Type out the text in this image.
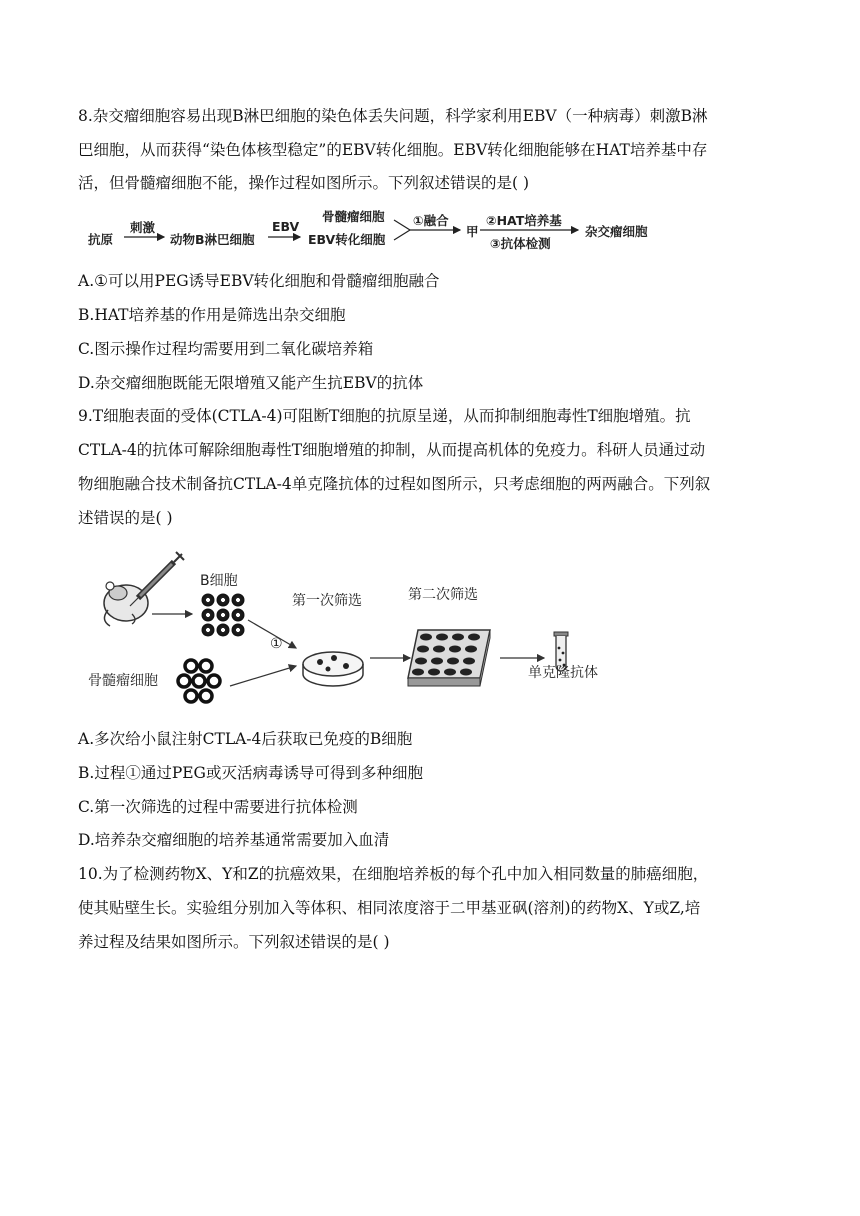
8.杂交瘤细胞容易出现B淋巴细胞的染色体丢失问题，科学家利用EBV（一种病毒）刺激B淋
巴细胞，从而获得“染色体核型稳定”的EBV转化细胞。EBV转化细胞能够在HAT培养基中存
活，但骨髓瘤细胞不能，操作过程如图所示。下列叙述错误的是( )
抗原
刺激
动物B淋巴细胞
EBV
EBV转化细胞
骨髓瘤细胞 ①融合
甲
②HAT培养基
③抗体检测
杂交瘤细胞
A.①可以用PEG诱导EBV转化细胞和骨髓瘤细胞融合
B.HAT培养基的作用是筛选出杂交细胞
C.图示操作过程均需要用到二氧化碳培养箱
D.杂交瘤细胞既能无限增殖又能产生抗EBV的抗体
9.T细胞表面的受体(CTLA-4)可阻断T细胞的抗原呈递，从而抑制细胞毒性T细胞增殖。抗
CTLA-4的抗体可解除细胞毒性T细胞增殖的抑制，从而提高机体的免疫力。科研人员通过动
物细胞融合技术制备抗CTLA-4单克隆抗体的过程如图所示，只考虑细胞的两两融合。下列叙
述错误的是( )
B细胞
骨髓瘤细胞
①
第一次筛选	第二次筛选
单克隆抗体
A.多次给小鼠注射CTLA-4后获取已免疫的B细胞
B.过程①通过PEG或灭活病毒诱导可得到多种细胞
C.第一次筛选的过程中需要进行抗体检测
D.培养杂交瘤细胞的培养基通常需要加入血清
10.为了检测药物X、Y和Z的抗癌效果，在细胞培养板的每个孔中加入相同数量的肺癌细胞，
使其贴壁生长。实验组分别加入等体积、相同浓度溶于二甲基亚砜(溶剂)的药物X、Y或Z,培
养过程及结果如图所示。下列叙述错误的是( )
